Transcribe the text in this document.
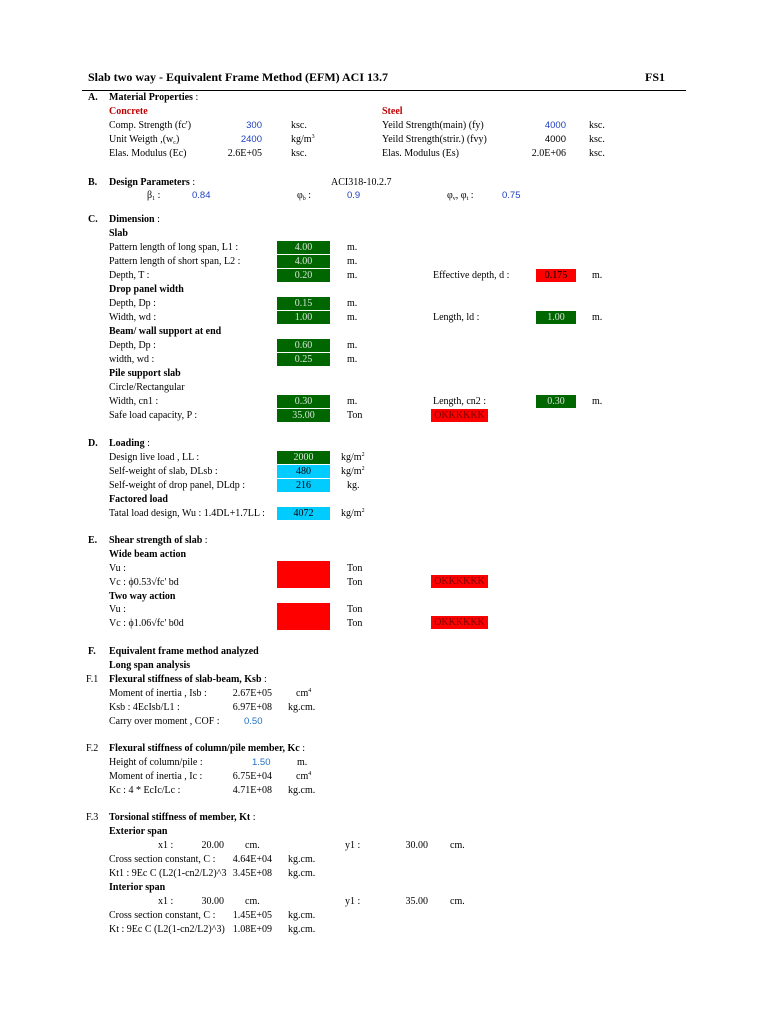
Slab two way - Equivalent Frame Method (EFM) ACI 13.7	FS1
A. Material Properties :
Concrete	Steel
Comp. Strength (fc')	300	ksc.
Unit Weigth $,(w_c)$	2400	$kg/m^3$
Elas. Modulus (Ec)	2.6E+05	ksc.
Yeild Strength(main) (fy)	4000 ksc.
Yeild Strength(strir.) (fvy)	4000 ksc.
Elas. Modulus (Es)	2.0E+06 ksc.
B. Design Parameters :	ACI318-10.2.7
$\beta_1$ :	0.84	$\varphi_b$ :	0.9	$\varphi_v$, $\varphi_t$ :	0.75
C. Dimension :
Slab
Pattern length of long span, L1 :	4.00	m.
Pattern length of short span, L2 :	4.00	m.
Depth, T :	0.20	m.	Effective depth, d :	0.175	m.
Drop panel width
Depth, Dp :	0.15	m.
Width, wd :	1.00	m.	Length, ld :	1.00	m.
Beam/ wall support at end
Depth, Dp :	0.60	m.
width, wd :	0.25	m.
Pile support slab
Circle/Rectangular
Width, cn1 :	0.30	m.	Length, cn2 :	0.30	m.
Safe load capacity, P :	35.00	Ton	OKKKKKK
D. Loading :
Design live load , LL :	2000	$kg/m^2$
Self-weight of slab, DLsb :	480	$kg/m^2$
Self-weight of drop panel, DLdp :	216	kg.
Factored load
Tatal load design, Wu : 1.4DL+1.7LL :	4072	$kg/m^2$
E. Shear strength of slab :
Wide beam action
Vu :	Ton
Vc : ϕ0.53√fc' bd	Ton	OKKKKKK
Two way action
Vu :	Ton
Vc : ϕ1.06√fc' b0d	Ton	OKKKKKK
F. Equivalent frame method analyzed
Long span analysis
F.1 Flexural stiffness of slab-beam, Ksb :
Moment of inertia , Isb :	2.67E+05 $cm^4$
Ksb : 4EcIsb/L1 :	6.97E+08 kg.cm.
Carry over moment , COF :	0.50
F.2 Flexural stiffness of column/pile member, Kc :
Height of column/pile :	1.50	m.
Moment of inertia , Ic :	6.75E+04 $cm^4$
Kc : 4 * EcIc/Lc :	4.71E+08 kg.cm.
F.3 Torsional stiffness of member, Kt :
Exterior span
x1 :	20.00 cm.	y1 :	30.00 cm.
Cross section constant, C :	4.64E+04 kg.cm.
Kt1 : 9Ec C (L2(1-cn2/L2)^3 3.45E+08 kg.cm.
Interior span
x1 :	30.00 cm.	y1 :	35.00 cm.
Cross section constant, C :	1.45E+05 kg.cm.
Kt : 9Ec C (L2(1-cn2/L2)^3) 1.08E+09 kg.cm.
